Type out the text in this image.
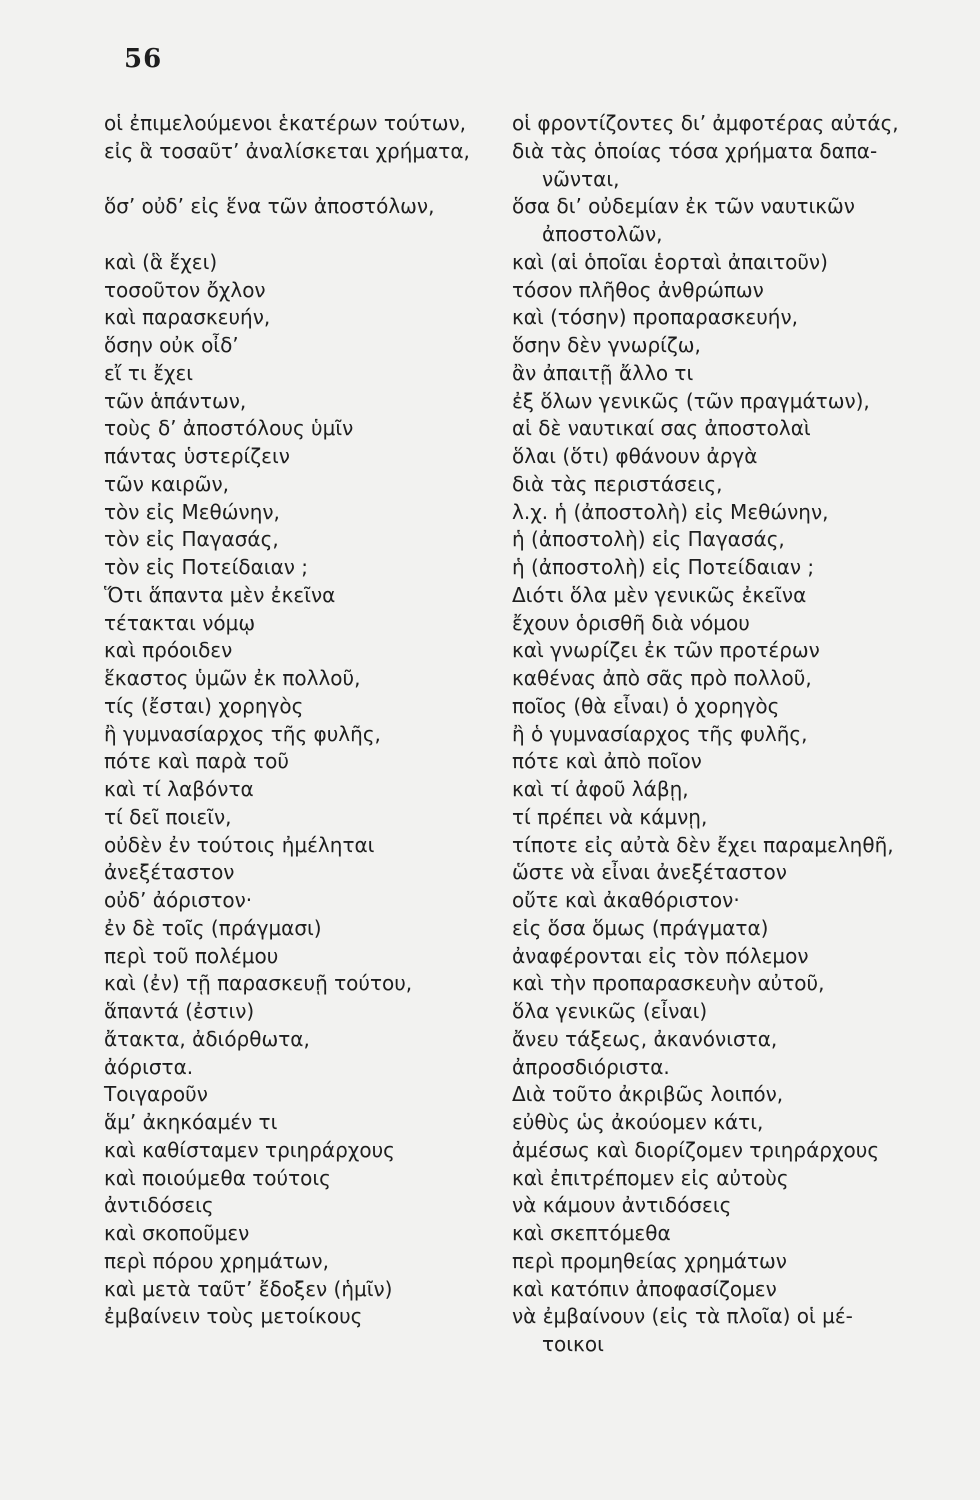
56
οἱ ἐπιμελούμενοι ἑκατέρων τούτων,
εἰς ἃ τοσαῦτ’ ἀναλίσκεται χρήματα,
ὅσ’ οὐδ’ εἰς ἕνα τῶν ἀποστόλων,
καὶ (ἃ ἔχει)
τοσοῦτον ὄχλον
καὶ παρασκευήν,
ὅσην οὐκ οἶδ’
εἴ τι ἔχει
τῶν ἁπάντων,
τοὺς δ’ ἀποστόλους ὑμῖν
πάντας ὑστερίζειν
τῶν καιρῶν,
τὸν εἰς Μεθώνην,
τὸν εἰς Παγασάς,
τὸν εἰς Ποτείδαιαν ;
Ὅτι ἅπαντα μὲν ἐκεῖνα
τέτακται νόμῳ
καὶ πρόοιδεν
ἕκαστος ὑμῶν ἐκ πολλοῦ,
τίς (ἔσται) χορηγὸς
ἢ γυμνασίαρχος τῆς φυλῆς,
πότε καὶ παρὰ τοῦ
καὶ τί λαβόντα
τί δεῖ ποιεῖν,
οὐδὲν ἐν τούτοις ἠμέληται
ἀνεξέταστον
οὐδ’ ἀόριστον·
ἐν δὲ τοῖς (πράγμασι)
περὶ τοῦ πολέμου
καὶ (ἐν) τῇ παρασκευῇ τούτου,
ἅπαντά (ἐστιν)
ἄτακτα, ἀδιόρθωτα,
ἀόριστα.
Τοιγαροῦν
ἅμ’ ἀκηκόαμέν τι
καὶ καθίσταμεν τριηράρχους
καὶ ποιούμεθα τούτοις
ἀντιδόσεις
καὶ σκοποῦμεν
περὶ πόρου χρημάτων,
καὶ μετὰ ταῦτ’ ἔδοξεν (ἡμῖν)
ἐμβαίνειν τοὺς μετοίκους
οἱ φροντίζοντες δι’ ἀμφοτέρας αὐτάς,
διὰ τὰς ὁποίας τόσα χρήματα δαπα-
νῶνται,
ὅσα δι’ οὐδεμίαν ἐκ τῶν ναυτικῶν
ἀποστολῶν,
καὶ (αἱ ὁποῖαι ἑορταὶ ἀπαιτοῦν)
τόσον πλῆθος ἀνθρώπων
καὶ (τόσην) προπαρασκευήν,
ὅσην δὲν γνωρίζω,
ἂν ἀπαιτῇ ἄλλο τι
ἐξ ὅλων γενικῶς (τῶν πραγμάτων),
αἱ δὲ ναυτικαί σας ἀποστολαὶ
ὅλαι (ὅτι) φθάνουν ἀργὰ
διὰ τὰς περιστάσεις,
λ.χ. ἡ (ἀποστολὴ) εἰς Μεθώνην,
ἡ (ἀποστολὴ) εἰς Παγασάς,
ἡ (ἀποστολὴ) εἰς Ποτείδαιαν ;
Διότι ὅλα μὲν γενικῶς ἐκεῖνα
ἔχουν ὁρισθῆ διὰ νόμου
καὶ γνωρίζει ἐκ τῶν προτέρων
καθένας ἀπὸ σᾶς πρὸ πολλοῦ,
ποῖος (θὰ εἶναι) ὁ χορηγὸς
ἢ ὁ γυμνασίαρχος τῆς φυλῆς,
πότε καὶ ἀπὸ ποῖον
καὶ τί ἀφοῦ λάβῃ,
τί πρέπει νὰ κάμνῃ,
τίποτε εἰς αὐτὰ δὲν ἔχει παραμεληθῆ,
ὥστε νὰ εἶναι ἀνεξέταστον
οὔτε καὶ ἀκαθόριστον·
εἰς ὅσα ὅμως (πράγματα)
ἀναφέρονται εἰς τὸν πόλεμον
καὶ τὴν προπαρασκευὴν αὐτοῦ,
ὅλα γενικῶς (εἶναι)
ἄνευ τάξεως, ἀκανόνιστα,
ἀπροσδιόριστα.
Διὰ τοῦτο ἀκριβῶς λοιπόν,
εὐθὺς ὡς ἀκούομεν κάτι,
ἀμέσως καὶ διορίζομεν τριηράρχους
καὶ ἐπιτρέπομεν εἰς αὐτοὺς
νὰ κάμουν ἀντιδόσεις
καὶ σκεπτόμεθα
περὶ προμηθείας χρημάτων
καὶ κατόπιν ἀποφασίζομεν
νὰ ἐμβαίνουν (εἰς τὰ πλοῖα) οἱ μέ-
τοικοι
